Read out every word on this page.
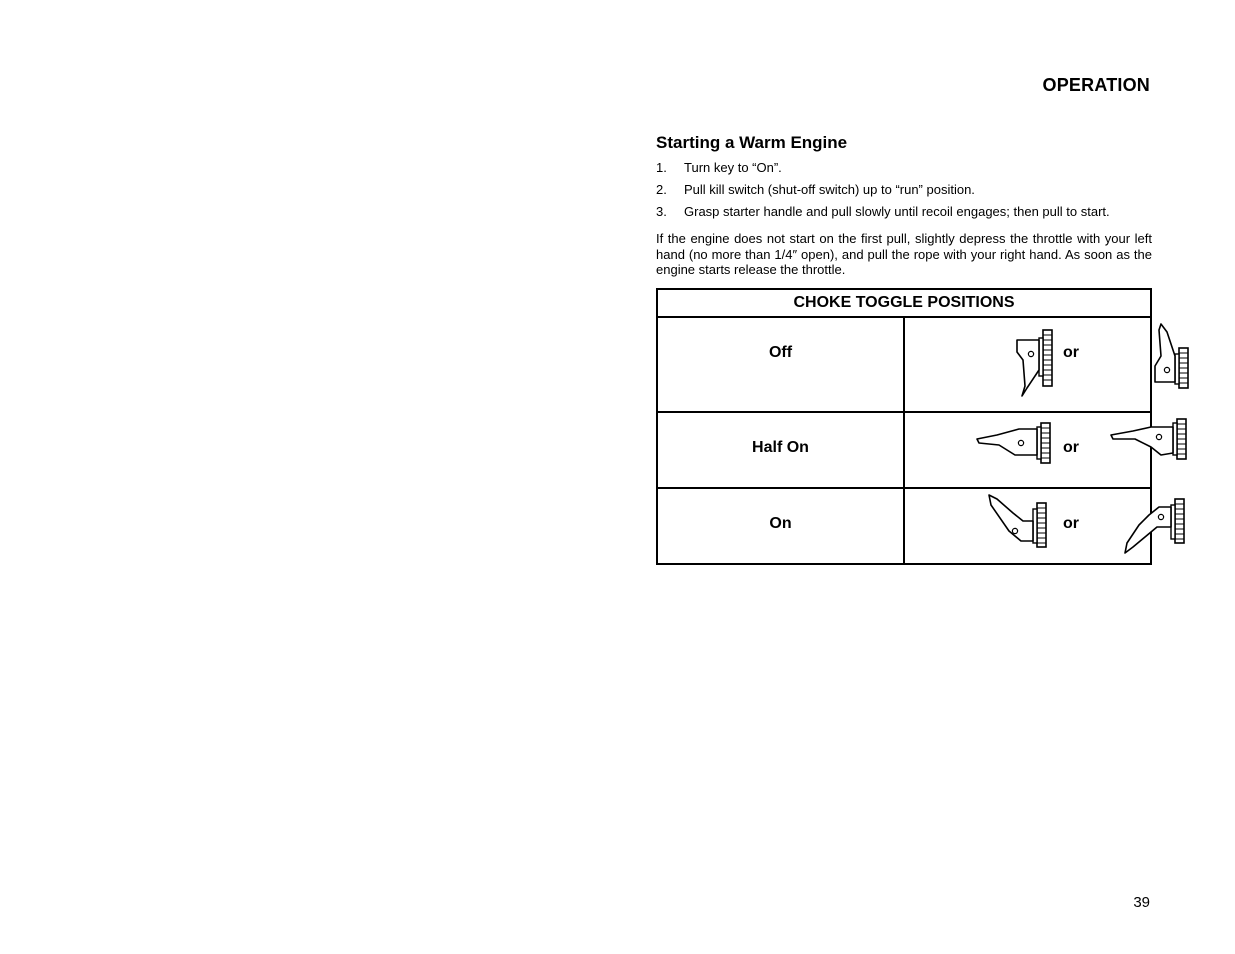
OPERATION
Starting a Warm Engine
1. Turn key to “On”.
2. Pull kill switch (shut-off switch) up to “run” position.
3. Grasp starter handle and pull slowly until recoil engages; then pull to start.

If the engine does not start on the first pull, slightly depress the throttle with your left hand (no more than 1/4″ open), and pull the rope with your right hand. As soon as the engine starts release the throttle.

CHOKE TOGGLE POSITIONS	

Off	or

Half On	or

On	or
39
